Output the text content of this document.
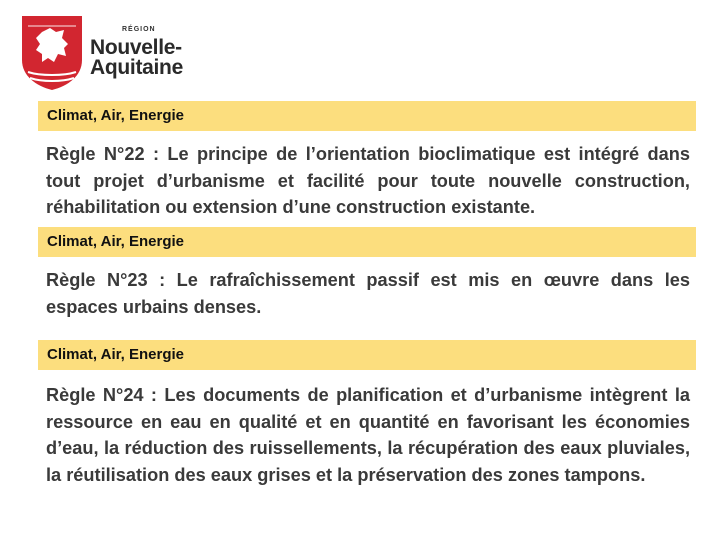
RÉGION
Nouvelle-
Aquitaine
Climat, Air, Energie
Règle N°22 : Le principe de l’orientation bioclimatique est intégré dans tout projet d’urbanisme et facilité pour toute nouvelle construction, réhabilitation ou extension d’une construction existante.
Climat, Air, Energie
Règle N°23 : Le rafraîchissement passif est mis en œuvre dans les espaces urbains denses.
Climat, Air, Energie
Règle N°24 : Les documents de planification et d’urbanisme intègrent la ressource en eau en qualité et en quantité en favorisant les économies d’eau, la réduction des ruissellements, la récupération des eaux pluviales, la réutilisation des eaux grises et la préservation des zones tampons.
